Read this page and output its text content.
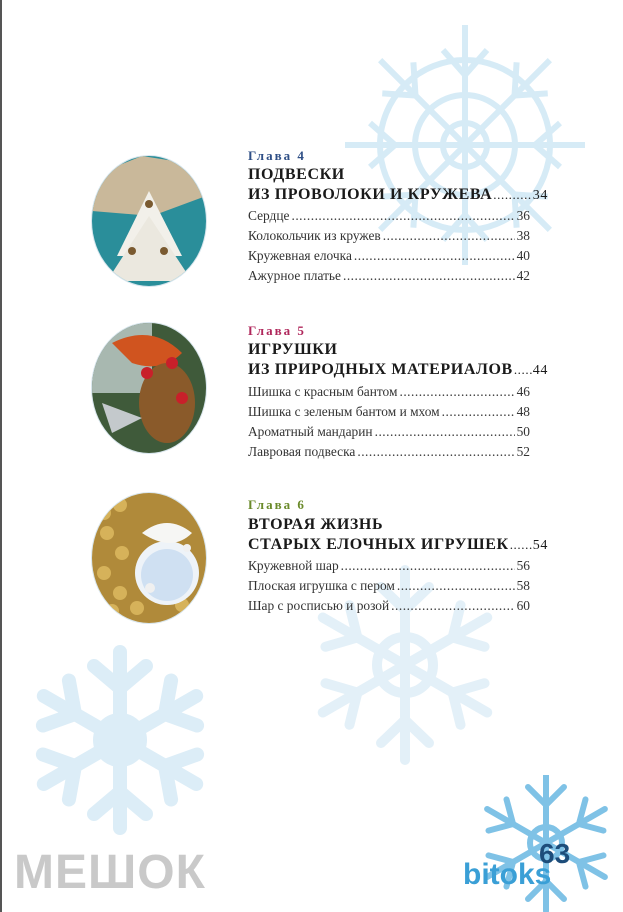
Глава 4
ПОДВЕСКИ
ИЗ ПРОВОЛОКИ И КРУЖЕВА .....	34
Сердце .....	36
Колокольчик из кружев .....	38
Кружевная елочка .....	40
Ажурное платье .....	42
Глава 5
ИГРУШКИ
ИЗ ПРИРОДНЫХ МАТЕРИАЛОВ ..... 44
Шишка с красным бантом .....	46
Шишка с зеленым бантом и мхом .....	48
Ароматный мандарин .....	50
Лавровая подвеска .....	52
Глава 6
ВТОРАЯ ЖИЗНЬ
СТАРЫХ ЕЛОЧНЫХ ИГРУШЕК ..... 54
Кружевной шар .....	56
Плоская игрушка с пером .....	58
Шар с росписью и розой .....	60
МЕШОК	bitoks
63
